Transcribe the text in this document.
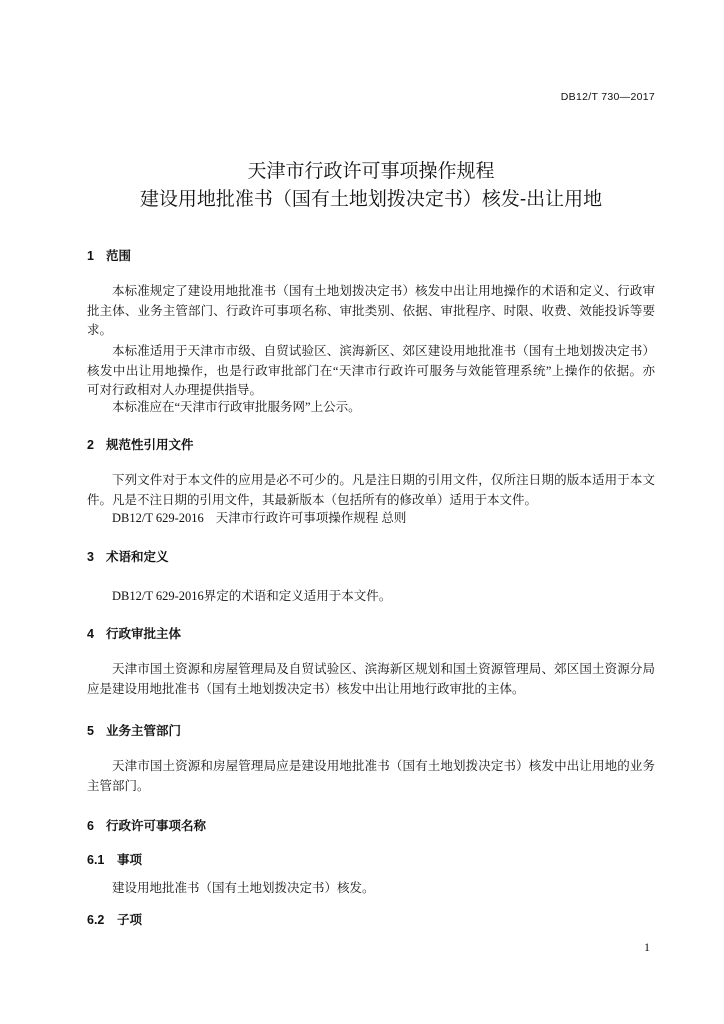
DB12/T 730—2017
天津市行政许可事项操作规程
建设用地批准书（国有土地划拨决定书）核发-出让用地
1 范围
本标准规定了建设用地批准书（国有土地划拨决定书）核发中出让用地操作的术语和定义、行政审
批主体、业务主管部门、行政许可事项名称、审批类别、依据、审批程序、时限、收费、效能投诉等要
求。
本标准适用于天津市市级、自贸试验区、滨海新区、郊区建设用地批准书（国有土地划拨决定书）
核发中出让用地操作，也是行政审批部门在“天津市行政许可服务与效能管理系统”上操作的依据。亦
可对行政相对人办理提供指导。
本标准应在“天津市行政审批服务网”上公示。
2 规范性引用文件
下列文件对于本文件的应用是必不可少的。凡是注日期的引用文件，仅所注日期的版本适用于本文
件。凡是不注日期的引用文件，其最新版本（包括所有的修改单）适用于本文件。
DB12/T 629-2016 天津市行政许可事项操作规程 总则
3 术语和定义
DB12/T 629-2016界定的术语和定义适用于本文件。
4 行政审批主体
天津市国土资源和房屋管理局及自贸试验区、滨海新区规划和国土资源管理局、郊区国土资源分局
应是建设用地批准书（国有土地划拨决定书）核发中出让用地行政审批的主体。
5 业务主管部门
天津市国土资源和房屋管理局应是建设用地批准书（国有土地划拨决定书）核发中出让用地的业务
主管部门。
6 行政许可事项名称
6.1 事项
建设用地批准书（国有土地划拨决定书）核发。
6.2 子项
1
